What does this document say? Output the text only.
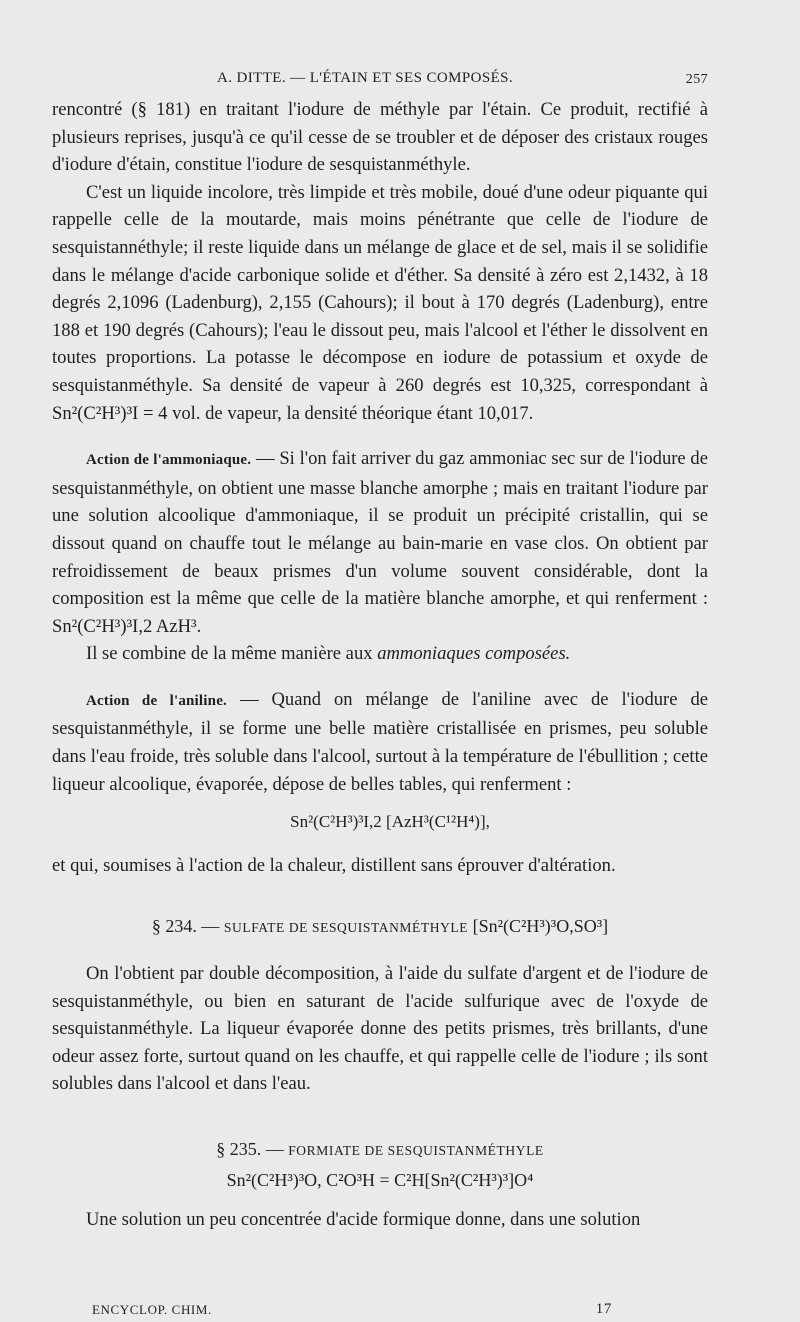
A. DITTE. — L'ÉTAIN ET SES COMPOSÉS.	257

rencontré (§ 181) en traitant l'iodure de méthyle par l'étain. Ce produit, rectifié à plusieurs reprises, jusqu'à ce qu'il cesse de se troubler et de déposer des cristaux rouges d'iodure d'étain, constitue l'iodure de sesquistanméthyle.

C'est un liquide incolore, très limpide et très mobile, doué d'une odeur piquante qui rappelle celle de la moutarde, mais moins pénétrante que celle de l'iodure de sesquistannéthyle; il reste liquide dans un mélange de glace et de sel, mais il se solidifie dans le mélange d'acide carbonique solide et d'éther. Sa densité à zéro est 2,1432, à 18 degrés 2,1096 (Ladenburg), 2,155 (Cahours); il bout à 170 degrés (Ladenburg), entre 188 et 190 degrés (Cahours); l'eau le dissout peu, mais l'alcool et l'éther le dissolvent en toutes proportions. La potasse le décompose en iodure de potassium et oxyde de sesquistanméthyle. Sa densité de vapeur à 260 degrés est 10,325, correspondant à Sn²(C²H³)³I = 4 vol. de vapeur, la densité théorique étant 10,017.

Action de l'ammoniaque. — Si l'on fait arriver du gaz ammoniac sec sur de l'iodure de sesquistanméthyle, on obtient une masse blanche amorphe ; mais en traitant l'iodure par une solution alcoolique d'ammoniaque, il se produit un précipité cristallin, qui se dissout quand on chauffe tout le mélange au bain-marie en vase clos. On obtient par refroidissement de beaux prismes d'un volume souvent considérable, dont la composition est la même que celle de la matière blanche amorphe, et qui renferment : Sn²(C²H³)³I,2 AzH³.

Il se combine de la même manière aux ammoniaques composées.

Action de l'aniline. — Quand on mélange de l'aniline avec de l'iodure de sesquistanméthyle, il se forme une belle matière cristallisée en prismes, peu soluble dans l'eau froide, très soluble dans l'alcool, surtout à la température de l'ébullition ; cette liqueur alcoolique, évaporée, dépose de belles tables, qui renferment :

Sn²(C²H³)³I,2 [AzH³(C¹²H⁴)],

et qui, soumises à l'action de la chaleur, distillent sans éprouver d'altération.

§ 234. — SULFATE DE SESQUISTANMÉTHYLE [Sn²(C²H³)³O,SO³]

On l'obtient par double décomposition, à l'aide du sulfate d'argent et de l'iodure de sesquistanméthyle, ou bien en saturant de l'acide sulfurique avec de l'oxyde de sesquistanméthyle. La liqueur évaporée donne des petits prismes, très brillants, d'une odeur assez forte, surtout quand on les chauffe, et qui rappelle celle de l'iodure ; ils sont solubles dans l'alcool et dans l'eau.

§ 235. — FORMIATE DE SESQUISTANMÉTHYLE
Sn²(C²H³)³O, C²O³H = C²H[Sn²(C²H³)³]O⁴

Une solution un peu concentrée d'acide formique donne, dans une solution

ENCYCLOP. CHIM.	17
